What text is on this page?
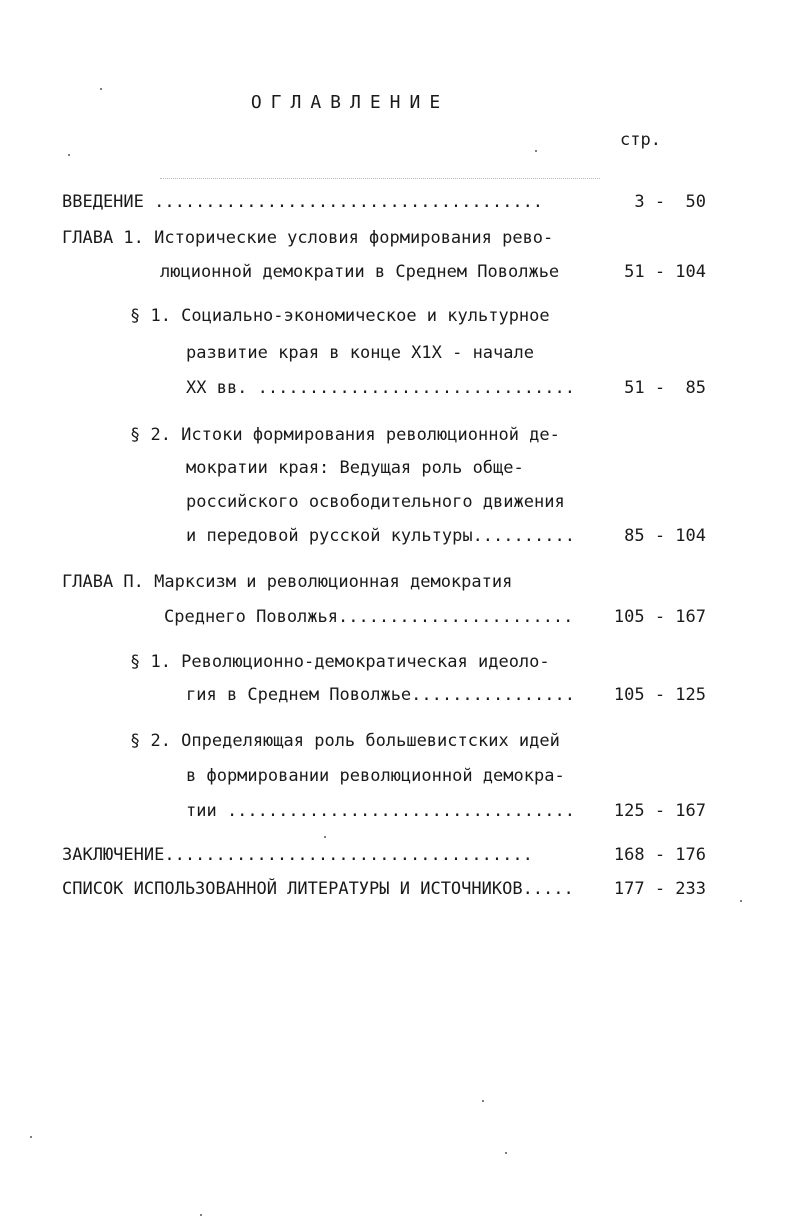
ОГЛАВЛЕНИЕ
стр.
ВВЕДЕНИЕ ......................................	3 -  50
ГЛАВА 1. Исторические условия формирования рево-
люционной демократии в Среднем Поволжье	51 - 104
§ 1. Социально-экономическое и культурное
развитие края в конце Х1Х - начале
ХХ вв. ...............................	51 -  85
§ 2. Истоки формирования революционной де-
мократии края: Ведущая роль обще-
российского освободительного движения
и передовой русской культуры..........	85 - 104
ГЛАВА П. Марксизм и революционная демократия
Среднего Поволжья.......................	105 - 167
§ 1. Революционно-демократическая идеоло-
гия в Среднем Поволжье................	105 - 125
§ 2. Определяющая роль большевистских идей
в формировании революционной демокра-
тии ..................................	125 - 167
ЗАКЛЮЧЕНИЕ....................................	168 - 176
СПИСОК ИСПОЛЬЗОВАННОЙ ЛИТЕРАТУРЫ И ИСТОЧНИКОВ.....	177 - 233
